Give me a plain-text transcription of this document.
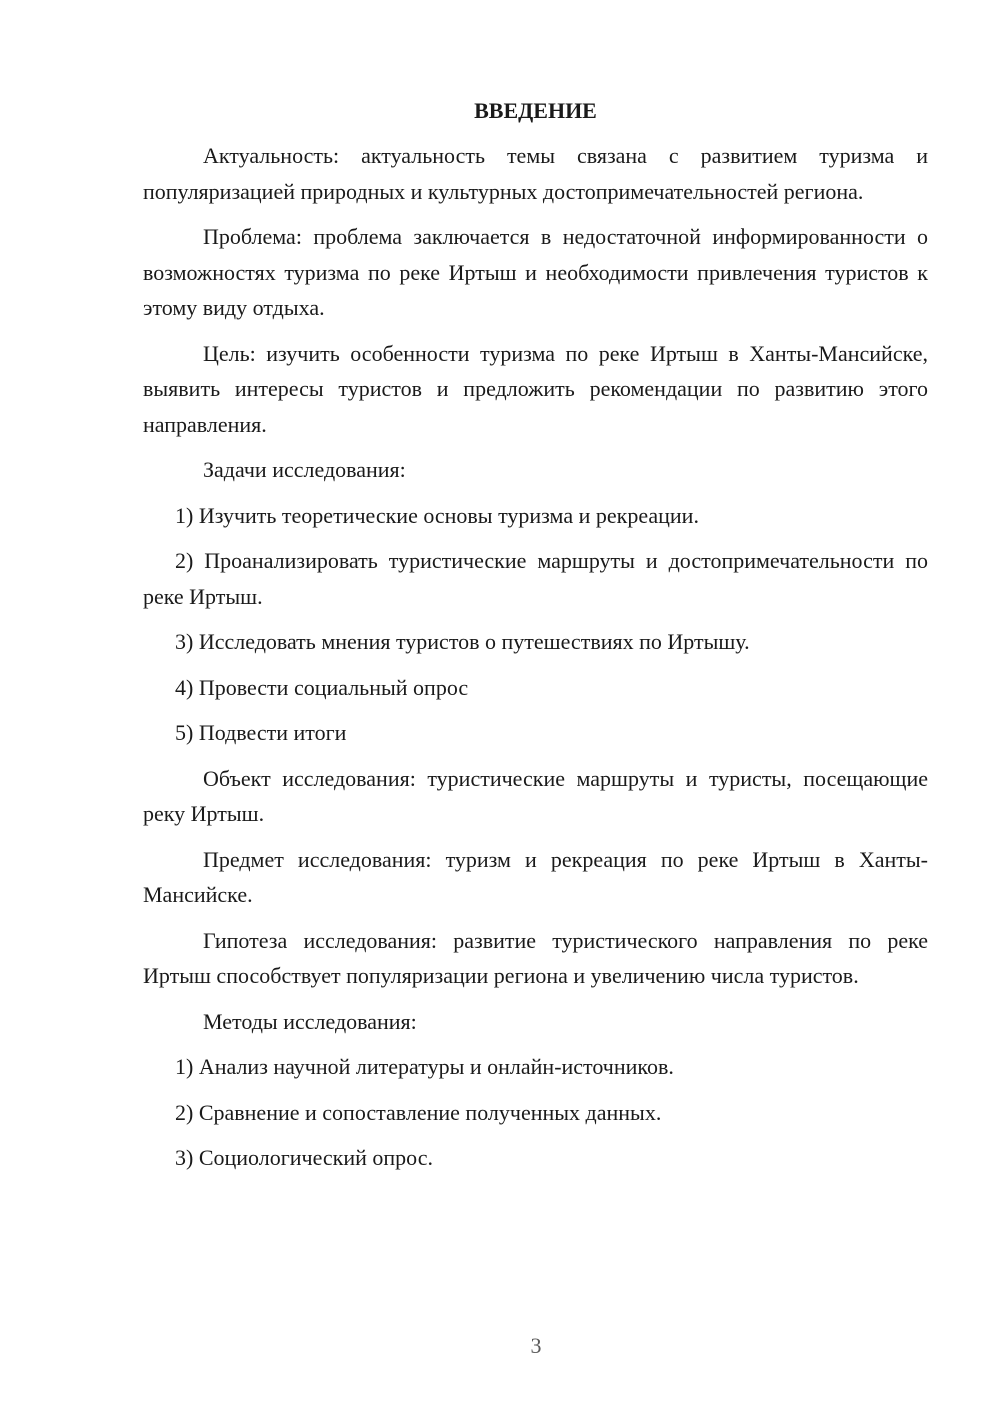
ВВЕДЕНИЕ

Актуальность: актуальность темы связана с развитием туризма и популяризацией природных и культурных достопримечательностей региона.

Проблема: проблема заключается в недостаточной информированности о возможностях туризма по реке Иртыш и необходимости привлечения туристов к этому виду отдыха.

Цель: изучить особенности туризма по реке Иртыш в Ханты-Мансийске, выявить интересы туристов и предложить рекомендации по развитию этого направления.

Задачи исследования:

1) Изучить теоретические основы туризма и рекреации.

2) Проанализировать туристические маршруты и достопримечательности по реке Иртыш.

3) Исследовать мнения туристов о путешествиях по Иртышу.

4) Провести социальный опрос

5) Подвести итоги

Объект исследования: туристические маршруты и туристы, посещающие реку Иртыш.

Предмет исследования: туризм и рекреация по реке Иртыш в Ханты-Мансийске.

Гипотеза исследования: развитие туристического направления по реке Иртыш способствует популяризации региона и увеличению числа туристов.

Методы исследования:

1) Анализ научной литературы и онлайн-источников.

2) Сравнение и сопоставление полученных данных.

3) Социологический опрос.

3
